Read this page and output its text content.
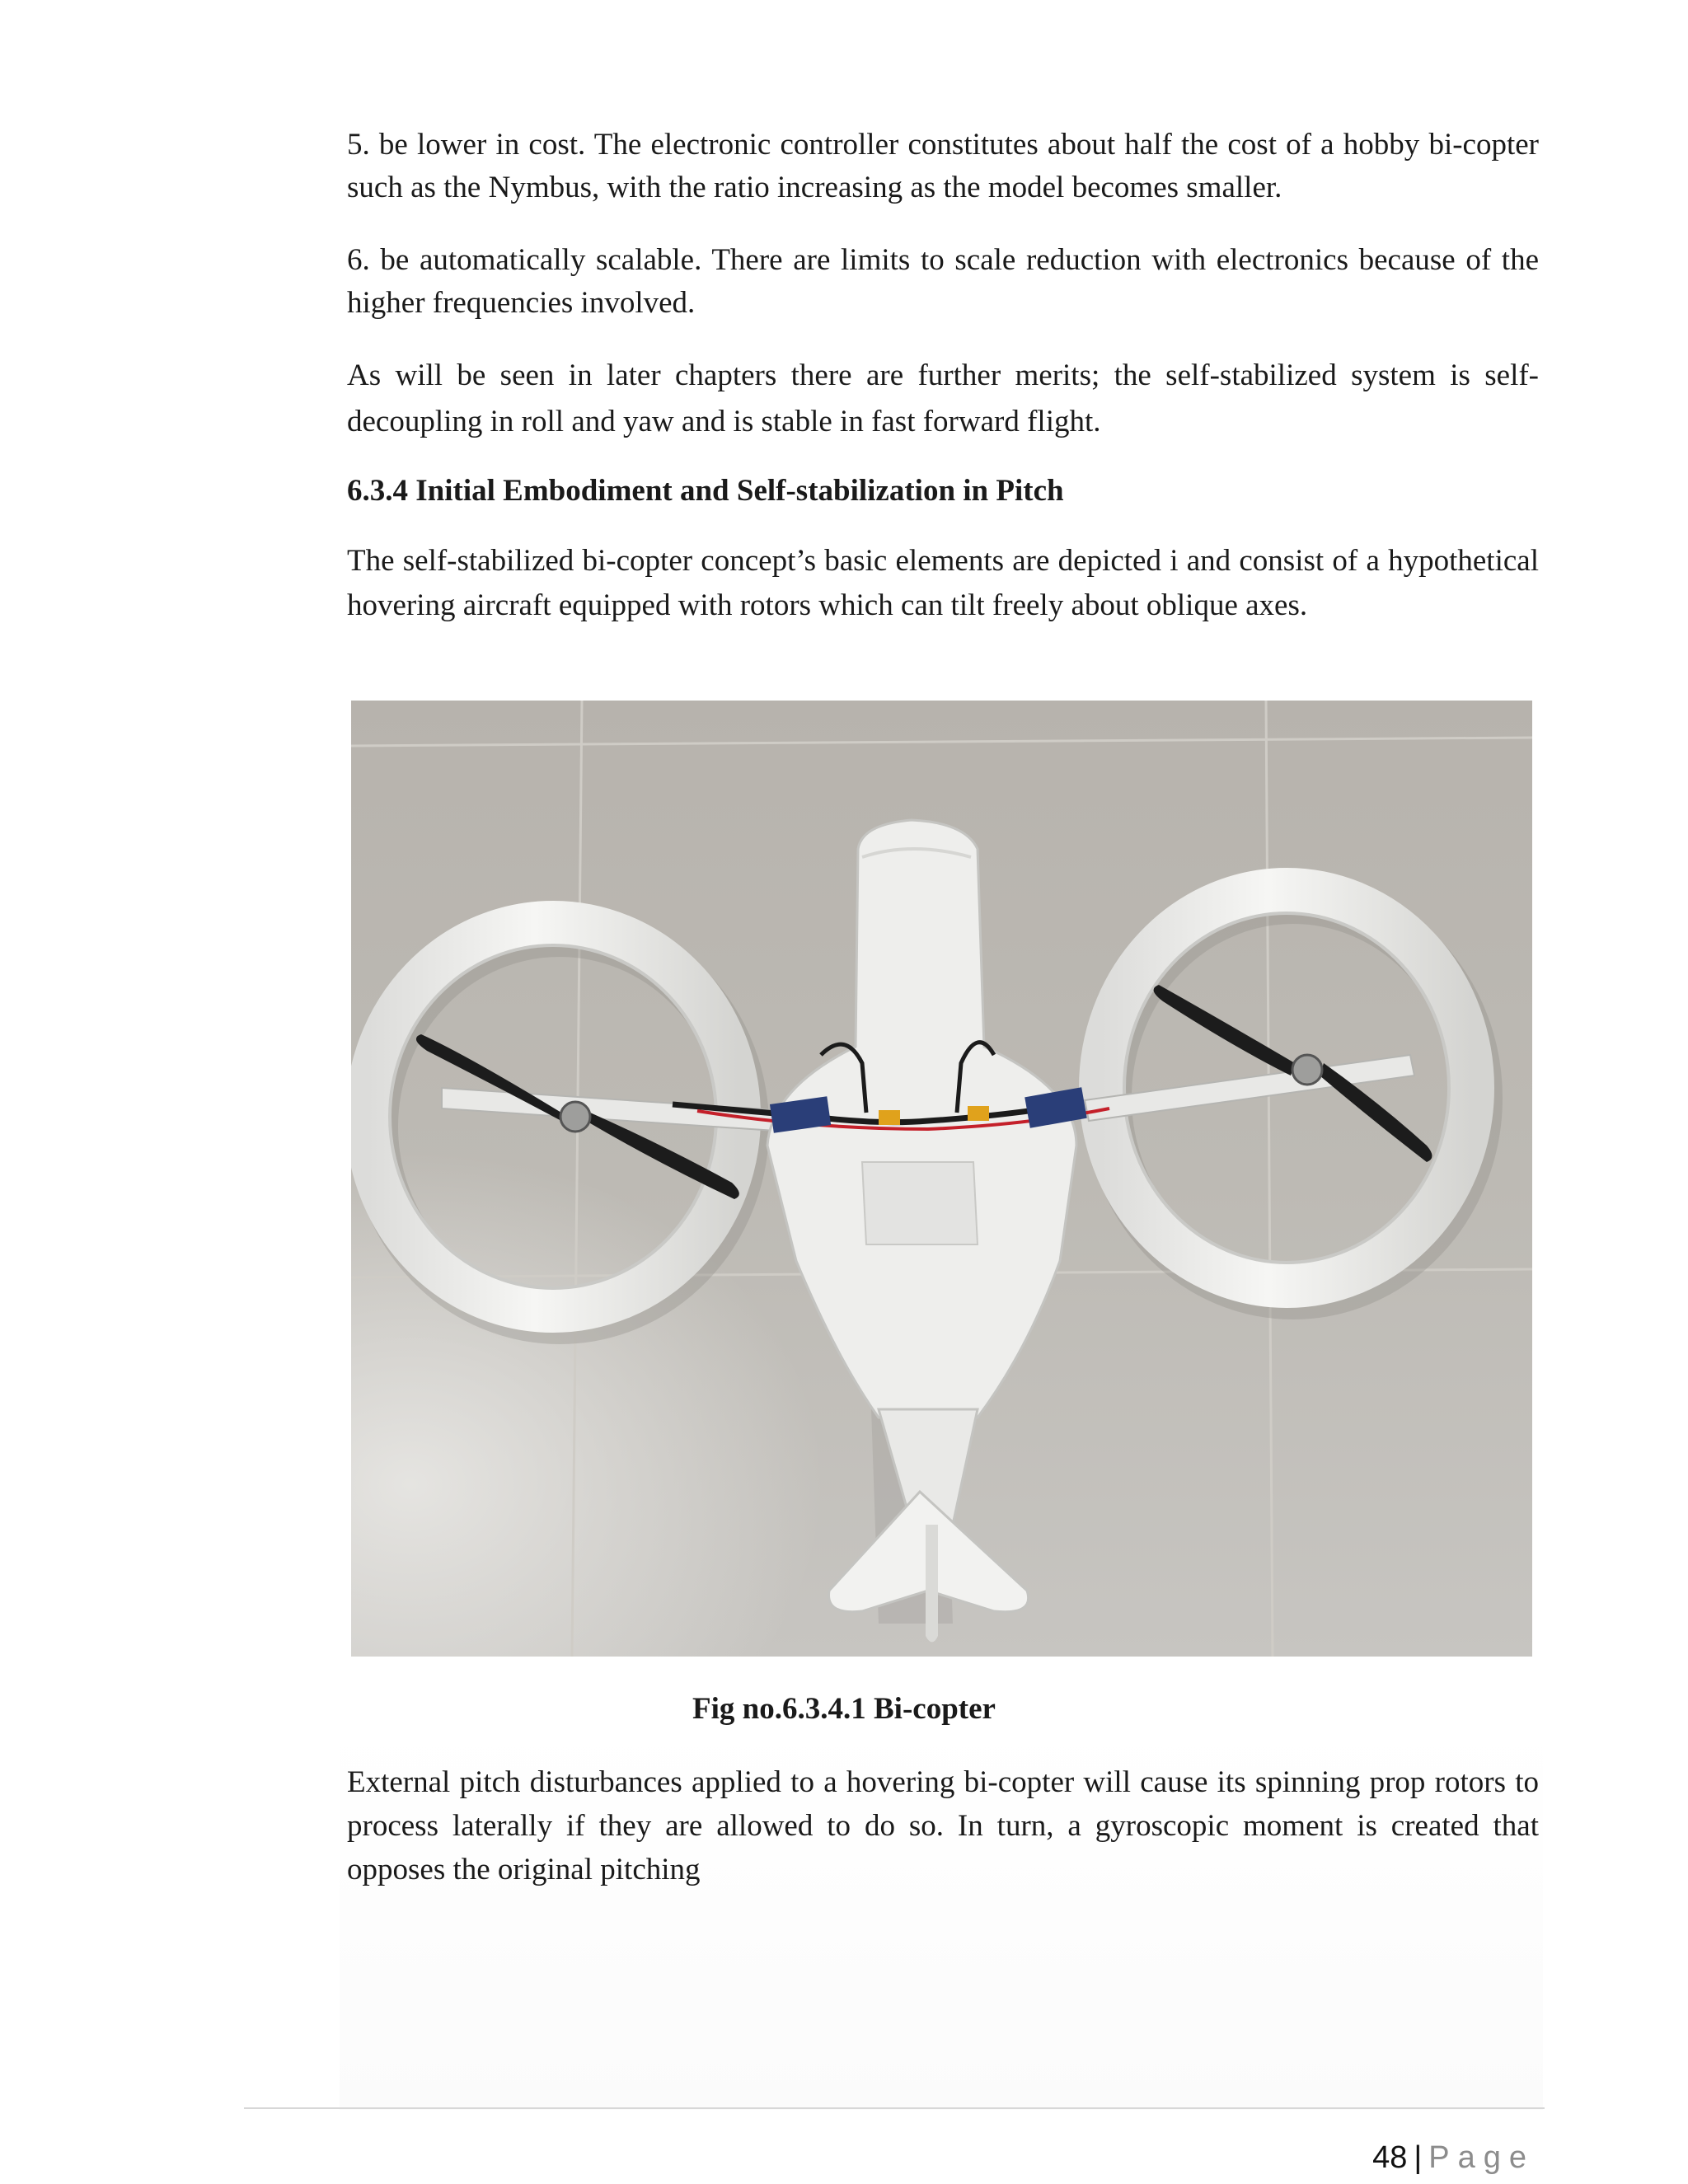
5. be lower in cost. The electronic controller constitutes about half the cost of a hobby bi-copter such as the Nymbus, with the ratio increasing as the model becomes smaller.

6. be automatically scalable. There are limits to scale reduction with electronics because of the higher frequencies involved.

As will be seen in later chapters there are further merits; the self-stabilized system is self-decoupling in roll and yaw and is stable in fast forward flight.

6.3.4 Initial Embodiment and Self-stabilization in Pitch

The self-stabilized bi-copter concept’s basic elements are depicted i and consist of a hypothetical hovering aircraft equipped with rotors which can tilt freely about oblique axes.

Fig no.6.3.4.1 Bi-copter

External pitch disturbances applied to a hovering bi-copter will cause its spinning prop rotors to process laterally if they are allowed to do so. In turn, a gyroscopic moment is created that opposes the original pitching

48 | Page
